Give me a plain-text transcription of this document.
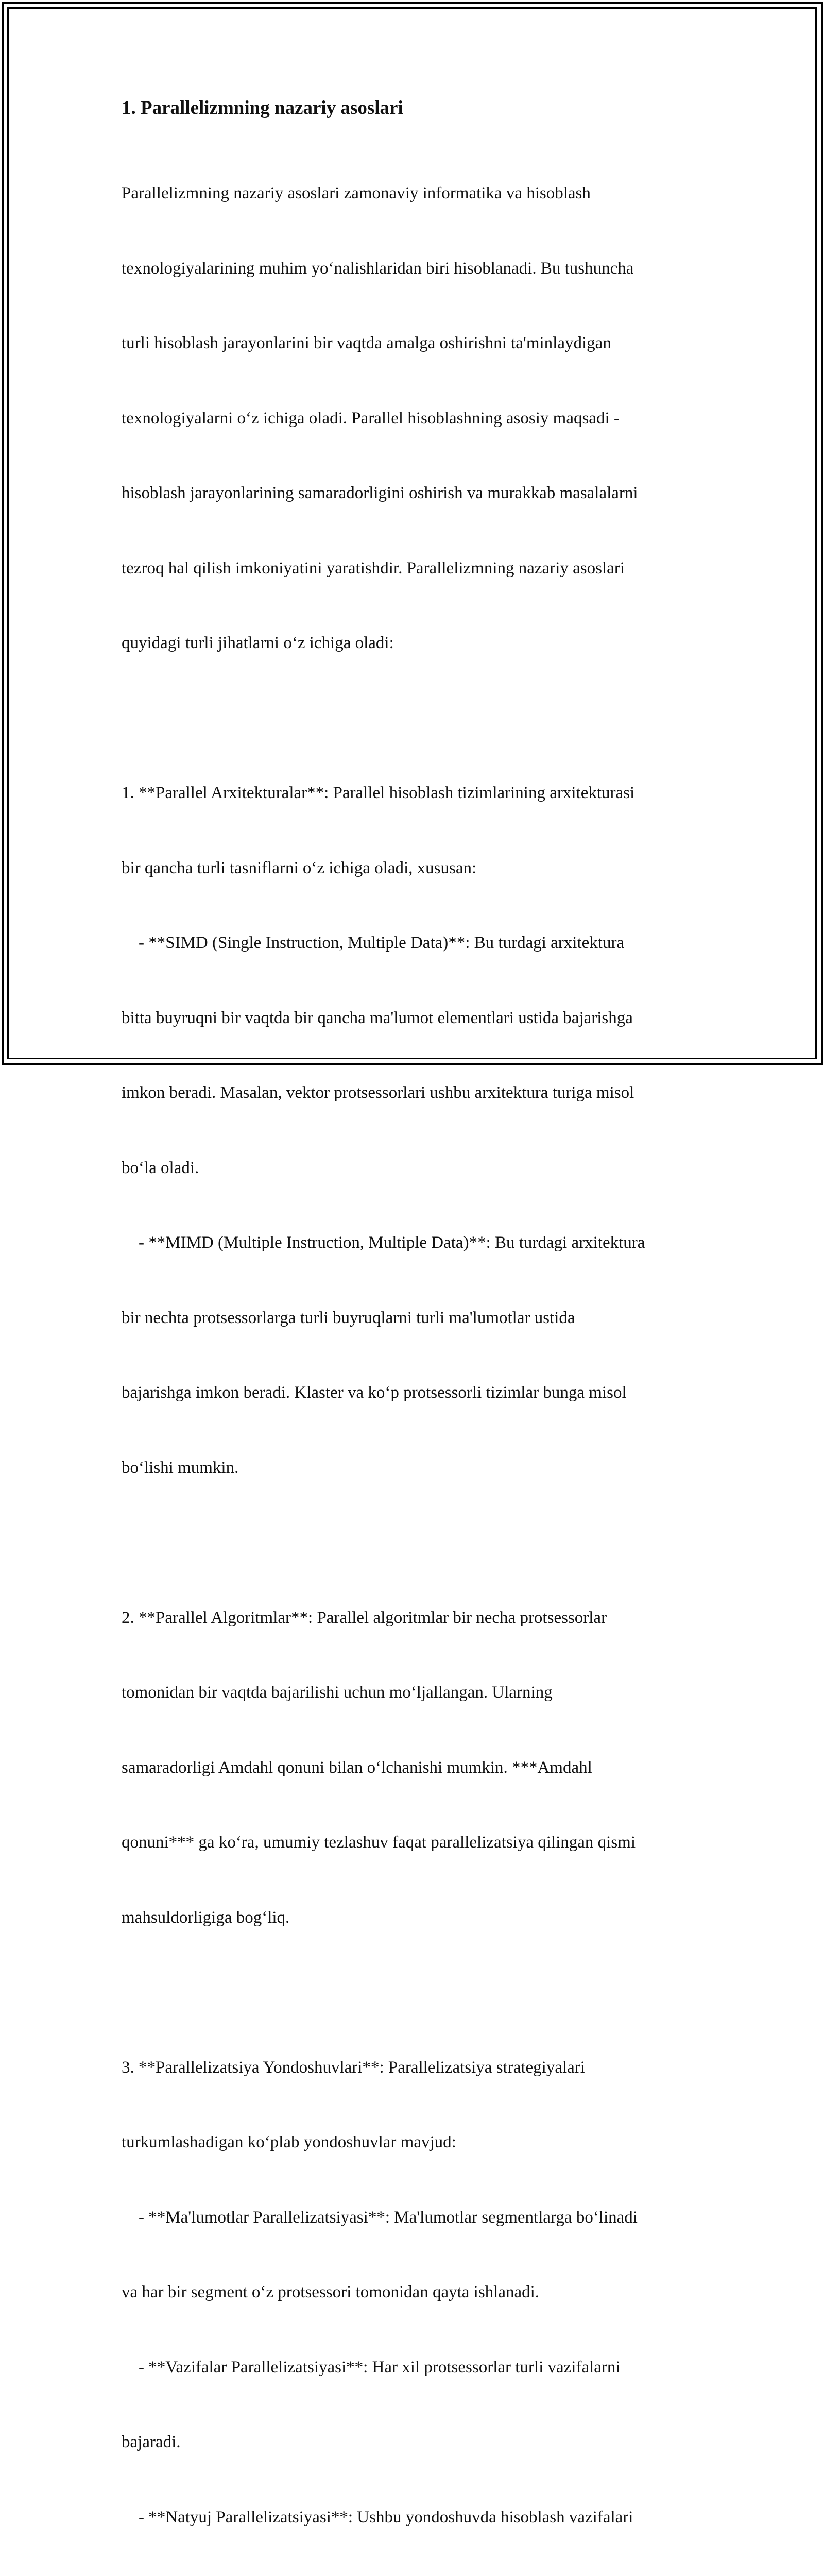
1. Parallelizmning nazariy asoslari

Parallelizmning nazariy asoslari zamonaviy informatika va hisoblash

texnologiyalarining muhim yo‘nalishlaridan biri hisoblanadi. Bu tushuncha

turli hisoblash jarayonlarini bir vaqtda amalga oshirishni ta'minlaydigan

texnologiyalarni o‘z ichiga oladi. Parallel hisoblashning asosiy maqsadi -

hisoblash jarayonlarining samaradorligini oshirish va murakkab masalalarni

tezroq hal qilish imkoniyatini yaratishdir. Parallelizmning nazariy asoslari

quyidagi turli jihatlarni o‘z ichiga oladi:

1. **Parallel Arxitekturalar**: Parallel hisoblash tizimlarining arxitekturasi

bir qancha turli tasniflarni o‘z ichiga oladi, xususan:

- **SIMD (Single Instruction, Multiple Data)**: Bu turdagi arxitektura

bitta buyruqni bir vaqtda bir qancha ma'lumot elementlari ustida bajarishga

imkon beradi. Masalan, vektor protsessorlari ushbu arxitektura turiga misol

bo‘la oladi.

- **MIMD (Multiple Instruction, Multiple Data)**: Bu turdagi arxitektura

bir nechta protsessorlarga turli buyruqlarni turli ma'lumotlar ustida

bajarishga imkon beradi. Klaster va ko‘p protsessorli tizimlar bunga misol

bo‘lishi mumkin.

2. **Parallel Algoritmlar**: Parallel algoritmlar bir necha protsessorlar

tomonidan bir vaqtda bajarilishi uchun mo‘ljallangan. Ularning

samaradorligi Amdahl qonuni bilan o‘lchanishi mumkin. ***Amdahl

qonuni*** ga ko‘ra, umumiy tezlashuv faqat parallelizatsiya qilingan qismi

mahsuldorligiga bog‘liq.

3. **Parallelizatsiya Yondoshuvlari**: Parallelizatsiya strategiyalari

turkumlashadigan ko‘plab yondoshuvlar mavjud:

- **Ma'lumotlar Parallelizatsiyasi**: Ma'lumotlar segmentlarga bo‘linadi

va har bir segment o‘z protsessori tomonidan qayta ishlanadi.

- **Vazifalar Parallelizatsiyasi**: Har xil protsessorlar turli vazifalarni

bajaradi.

- **Natyuj Parallelizatsiyasi**: Ushbu yondoshuvda hisoblash vazifalari
